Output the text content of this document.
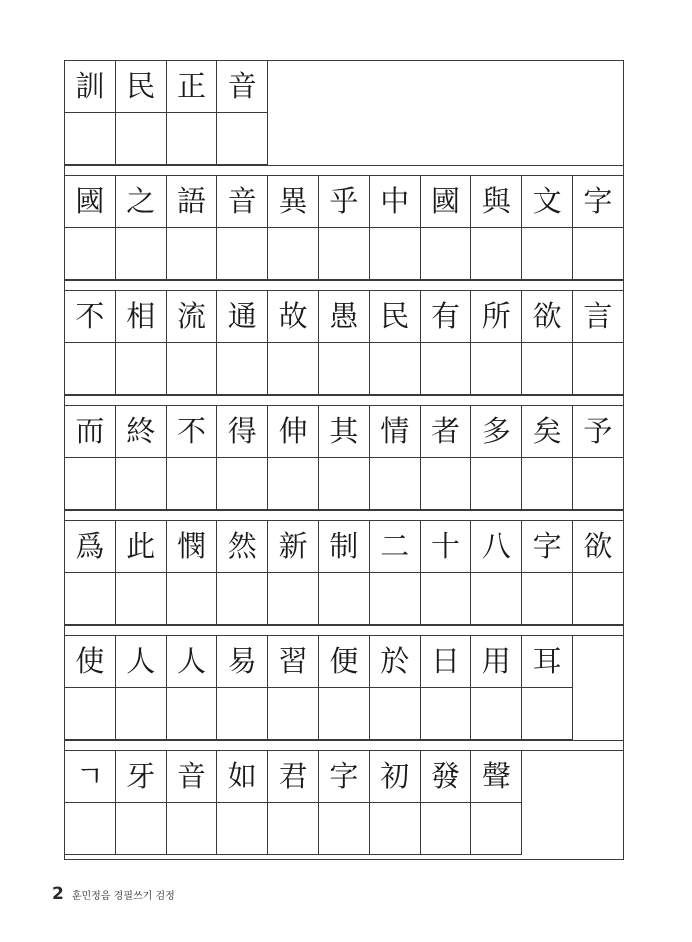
訓 民 正 音
國 之 語 音 異 乎 中 國 與 文 字
不 相 流 通 故 愚 民 有 所 欲 言
而 終 不 得 伸 其 情 者 多 矣 予
爲 此 憫 然 新 制 二 十 八 字 欲
使 人 人 易 習 便 於 日 用 耳
ㄱ 牙 音 如 君 字 初 發 聲
2 훈민정음 경필쓰기 검정
